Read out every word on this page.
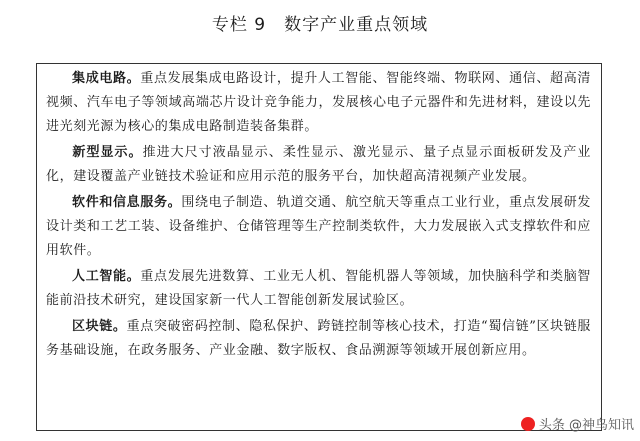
专栏 9　数字产业重点领域

集成电路。重点发展集成电路设计，提升人工智能、智能终端、物联网、通信、超高清视频、汽车电子等领域高端芯片设计竞争能力，发展核心电子元器件和先进材料，建设以先进光刻光源为核心的集成电路制造装备集群。

新型显示。推进大尺寸液晶显示、柔性显示、激光显示、量子点显示面板研发及产业化，建设覆盖产业链技术验证和应用示范的服务平台，加快超高清视频产业发展。

软件和信息服务。围绕电子制造、轨道交通、航空航天等重点工业行业，重点发展研发设计类和工艺工装、设备维护、仓储管理等生产控制类软件，大力发展嵌入式支撑软件和应用软件。

人工智能。重点发展先进数算、工业无人机、智能机器人等领域，加快脑科学和类脑智能前沿技术研究，建设国家新一代人工智能创新发展试验区。

区块链。重点突破密码控制、隐私保护、跨链控制等核心技术，打造“蜀信链”区块链服务基础设施，在政务服务、产业金融、数字版权、食品溯源等领域开展创新应用。

头条 @神鸟知讯
